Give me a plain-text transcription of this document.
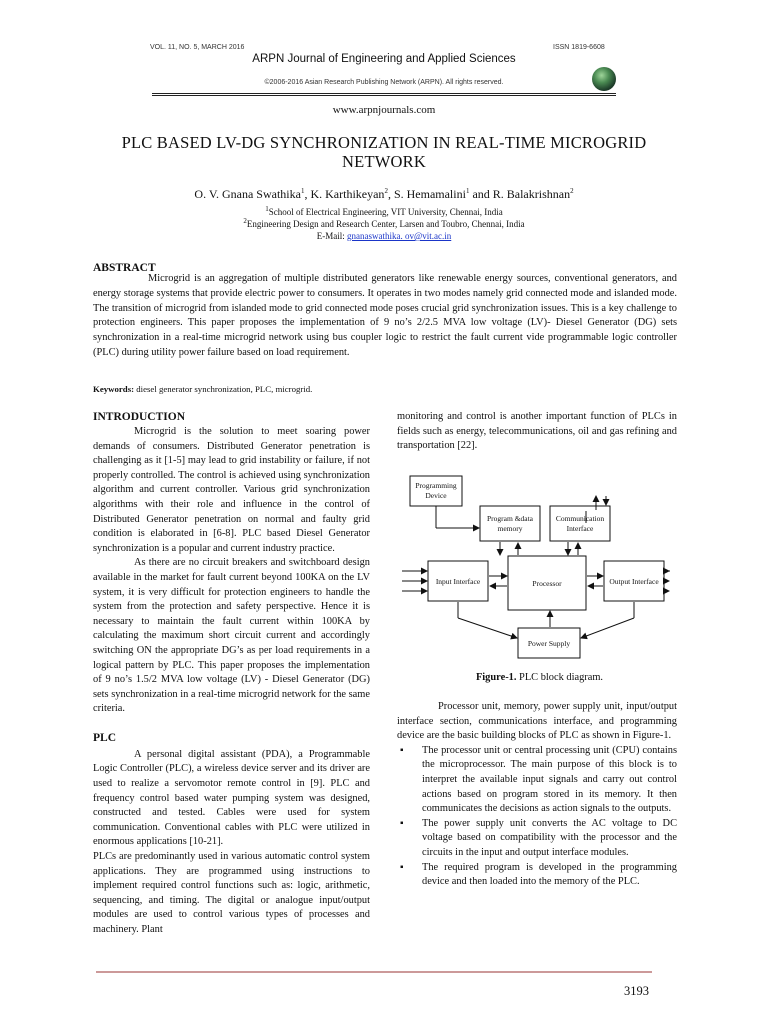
VOL. 11, NO. 5, MARCH 2016	ISSN 1819-6608
ARPN Journal of Engineering and Applied Sciences
©2006-2016 Asian Research Publishing Network (ARPN). All rights reserved.
www.arpnjournals.com
PLC BASED LV-DG SYNCHRONIZATION IN REAL-TIME MICROGRID NETWORK
O. V. Gnana Swathika$^1$, K. Karthikeyan$^2$, S. Hemamalini$^1$ and R. Balakrishnan$^2$
$^1$School of Electrical Engineering, VIT University, Chennai, India
$^2$Engineering Design and Research Center, Larsen and Toubro, Chennai, India
E-Mail: gnanaswathika. ov@vit.ac.in
ABSTRACT

Microgrid is an aggregation of multiple distributed generators like renewable energy sources, conventional generators, and energy storage systems that provide electric power to consumers. It operates in two modes namely grid connected mode and islanded mode. The transition of microgrid from islanded mode to grid connected mode poses crucial grid synchronization issues. This is a key challenge to protection engineers. This paper proposes the implementation of 9 no’s 2/2.5 MVA low voltage (LV)- Diesel Generator (DG) sets synchronization in a real-time microgrid network using bus coupler logic to restrict the fault current vide programmable logic controller (PLC) during utility power failure based on load requirement.

Keywords: diesel generator synchronization, PLC, microgrid.
INTRODUCTION

Microgrid is the solution to meet soaring power demands of consumers. Distributed Generator penetration is challenging as it [1-5] may lead to grid instability or failure, if not properly controlled. The control is achieved using synchronization algorithm and current controller. Various grid synchronization algorithms with their role and influence in the control of Distributed Generator penetration on normal and faulty grid condition is elaborated in [6-8]. PLC based Diesel Generator synchronization is a popular and current industry practice.

As there are no circuit breakers and switchboard design available in the market for fault current beyond 100KA on the LV system, it is very difficult for protection engineers to handle the system from the protection and safety perspective. Hence it is necessary to maintain the fault current within 100KA by calculating the maximum short circuit current and accordingly switching ON the appropriate DG’s as per load requirements in a logical pattern by PLC. This paper proposes the implementation of 9 no’s 1.5/2 MVA low voltage (LV) - Diesel Generator (DG) sets synchronization in a real-time microgrid network for the same criteria.

PLC

A personal digital assistant (PDA), a Programmable Logic Controller (PLC), a wireless device server and its driver are used to realize a servomotor remote control in [9]. PLC and frequency control based water pumping system was designed, constructed and tested. Cables were used for system communication. Conventional cables with PLC were utilized in enormous applications [10-21].

PLCs are predominantly used in various automatic control system applications. They are programmed using instructions to implement required control functions such as: logic, arithmetic, sequencing, and timing. The digital or analogue input/output modules are used to control various types of processes and machinery. Plant

monitoring and control is another important function of PLCs in fields such as energy, telecommunications, oil and gas refining and transportation [22].

Programming
Device
Program &data
memory
Communication
Interface
Input Interface	Processor	Output Interface
Power Supply
Figure-1. PLC block diagram.

Processor unit, memory, power supply unit, input/output interface section, communications interface, and programming device are the basic building blocks of PLC as shown in Figure-1.

▪ The processor unit or central processing unit (CPU) contains the microprocessor. The main purpose of this block is to interpret the available input signals and carry out control actions based on program stored in its memory. It then communicates the decisions as action signals to the outputs.
▪ The power supply unit converts the AC voltage to DC voltage based on compatibility with the processor and the circuits in the input and output interface modules.
▪ The required program is developed in the programming device and then loaded into the memory of the PLC.
3193
